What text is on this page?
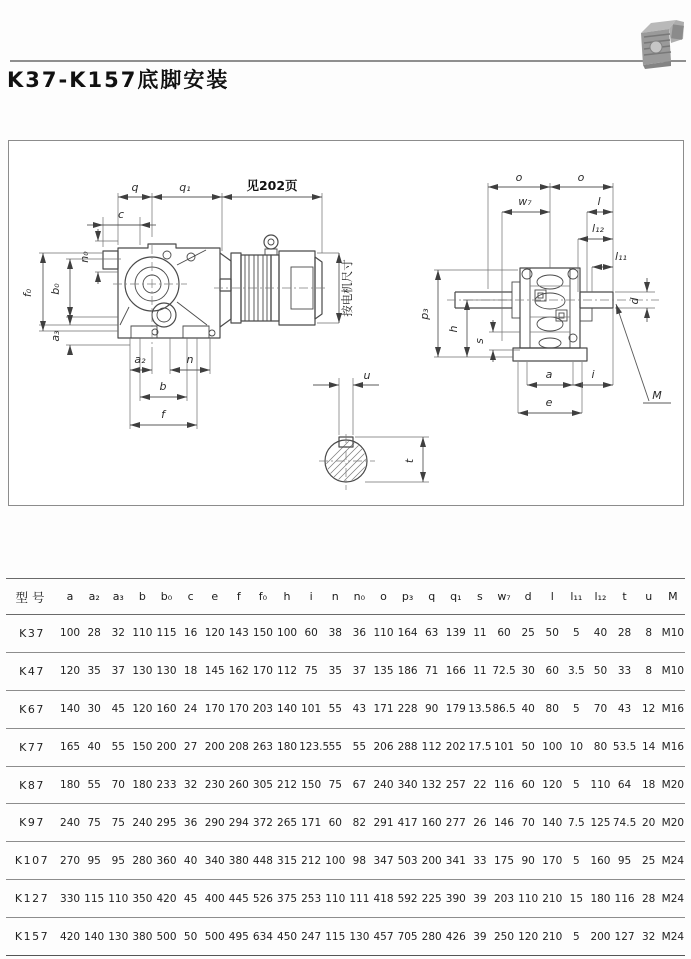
K37-K157底脚安装
q	q₁	见202页
c
n₀
f₀ b₀
a₃
a₂	n
b
f
按电机尺寸
u
t
o	o
w₇	l
l₁₂
l₁₁
d
p₃
h
s
a	i
e
M
型号	a	a₂	a₃	b	b₀	c	e	f	f₀	h	i	n	n₀	o	p₃	q	q₁	s	w₇	d	l	l₁₁	l₁₂	t	u	M
K37	100	28	32	110	115	16	120	143	150	100	60	38	36	110	164	63	139	11	60	25	50	5	40	28	8	M10
K47	120	35	37	130	130	18	145	162	170	112	75	35	37	135	186	71	166	11	72.5	30	60	3.5	50	33	8	M10
K67	140	30	45	120	160	24	170	170	203	140	101	55	43	171	228	90	179	13.5	86.5	40	80	5	70	43	12	M16
K77	165	40	55	150	200	27	200	208	263	180	123.5	55	55	206	288	112	202	17.5	101	50	100	10	80	53.5	14	M16
K87	180	55	70	180	233	32	230	260	305	212	150	75	67	240	340	132	257	22	116	60	120	5	110	64	18	M20
K97	240	75	75	240	295	36	290	294	372	265	171	60	82	291	417	160	277	26	146	70	140	7.5	125	74.5	20	M20
K107	270	95	95	280	360	40	340	380	448	315	212	100	98	347	503	200	341	33	175	90	170	5	160	95	25	M24
K127	330	115	110	350	420	45	400	445	526	375	253	110	111	418	592	225	390	39	203	110	210	15	180	116	28	M24
K157	420	140	130	380	500	50	500	495	634	450	247	115	130	457	705	280	426	39	250	120	210	5	200	127	32	M24
